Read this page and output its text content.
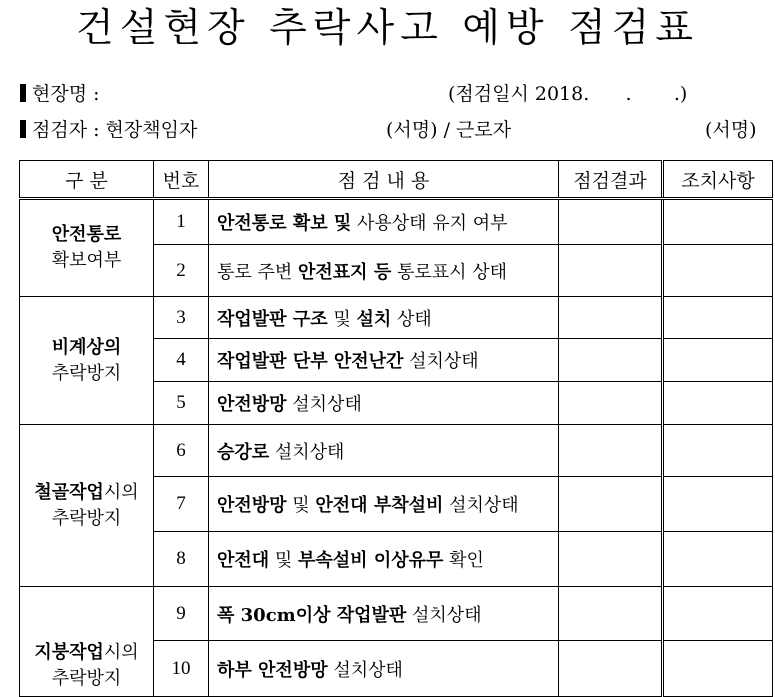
건설현장 추락사고 예방 점검표
현장명 :	(점검일시 2018.      .       .)
점검자 : 현장책임자	(서명) / 근로자	(서명)
구 분	번호	점 검 내 용	점검결과	조치사항
안전통로
확보여부	1	안전통로 확보 및 사용상태 유지 여부		
	2	통로 주변 안전표지 등 통로표시 상태		
비계상의
추락방지	3	작업발판 구조 및 설치 상태		
	4	작업발판 단부 안전난간 설치상태		
	5	안전방망 설치상태		
철골작업시의
추락방지	6	승강로 설치상태		
	7	안전방망 및 안전대 부착설비 설치상태		
	8	안전대 및 부속설비 이상유무 확인		
지붕작업시의
추락방지	9	폭 30cm이상 작업발판 설치상태		
	10	하부 안전방망 설치상태		
